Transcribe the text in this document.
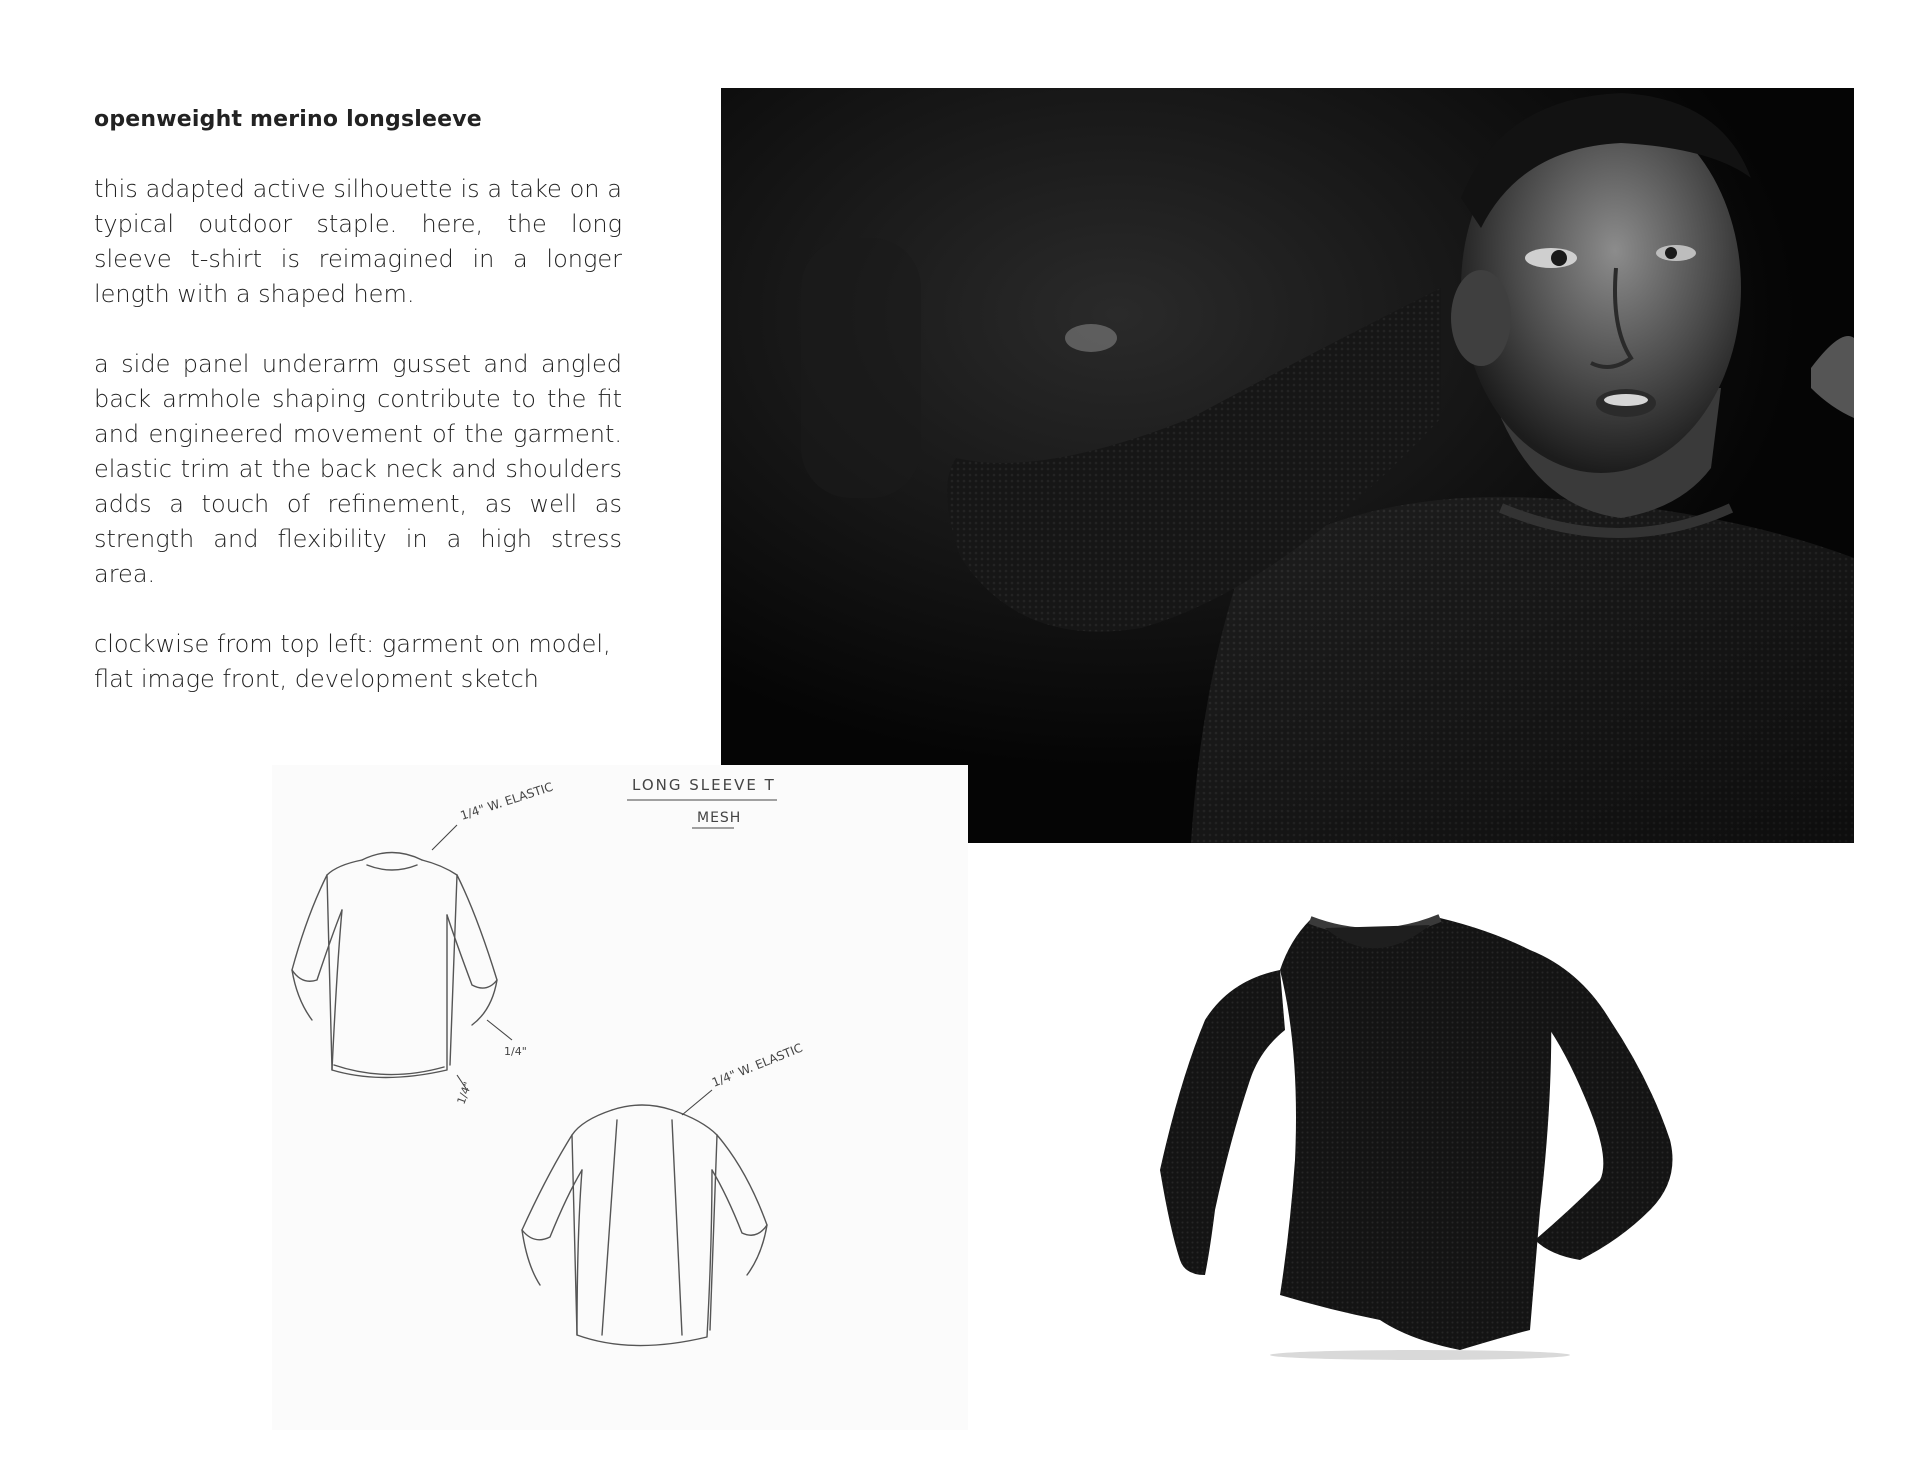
openweight merino longsleeve

this adapted active silhouette is a take on a typical outdoor staple. here, the long sleeve t-shirt is reimagined in a longer length with a shaped hem.

a side panel underarm gusset and angled back armhole shaping contribute to the fit and engineered movement of the garment. elastic trim at the back neck and shoulders adds a touch of refinement, as well as strength and flexibility in a high stress area.

clockwise from top left: garment on model, flat image front, development sketch

1/4" W. ELASTIC	LONG SLEEVE T
MESH
1/4"
1/4"
1/4" W. ELASTIC
